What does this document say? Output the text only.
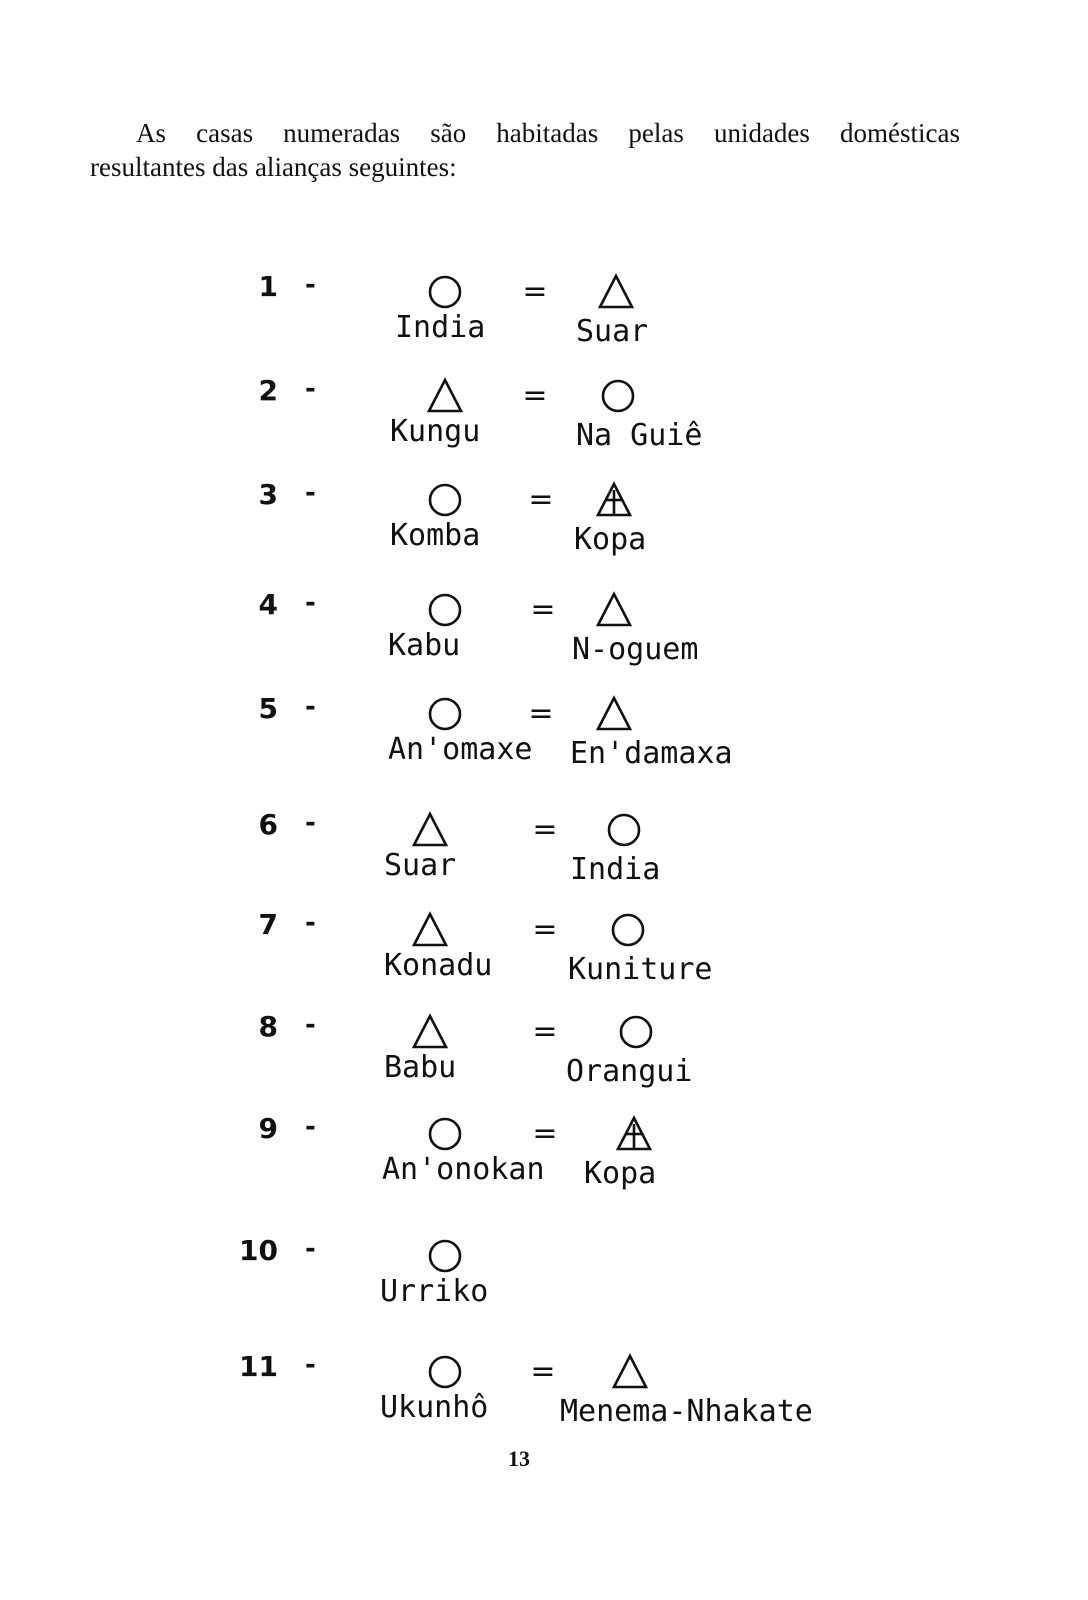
As casas numeradas são habitadas pelas unidades domésticas
resultantes das alianças seguintes:
1 -
India
=
Suar
2 -
Kungu
=
Na Guiê
3 -
Komba
=
Kopa
4 -
Kabu
=
N-oguem
5 -
An'omaxe
=
En'damaxa
6 -
Suar
=
India
7 -
Konadu
=
Kuniture
8 -
Babu
=
Orangui
9 -
An'onokan
=
Kopa
10 -
Urriko
11 -
Ukunhô
=
Menema-Nhakate
13
